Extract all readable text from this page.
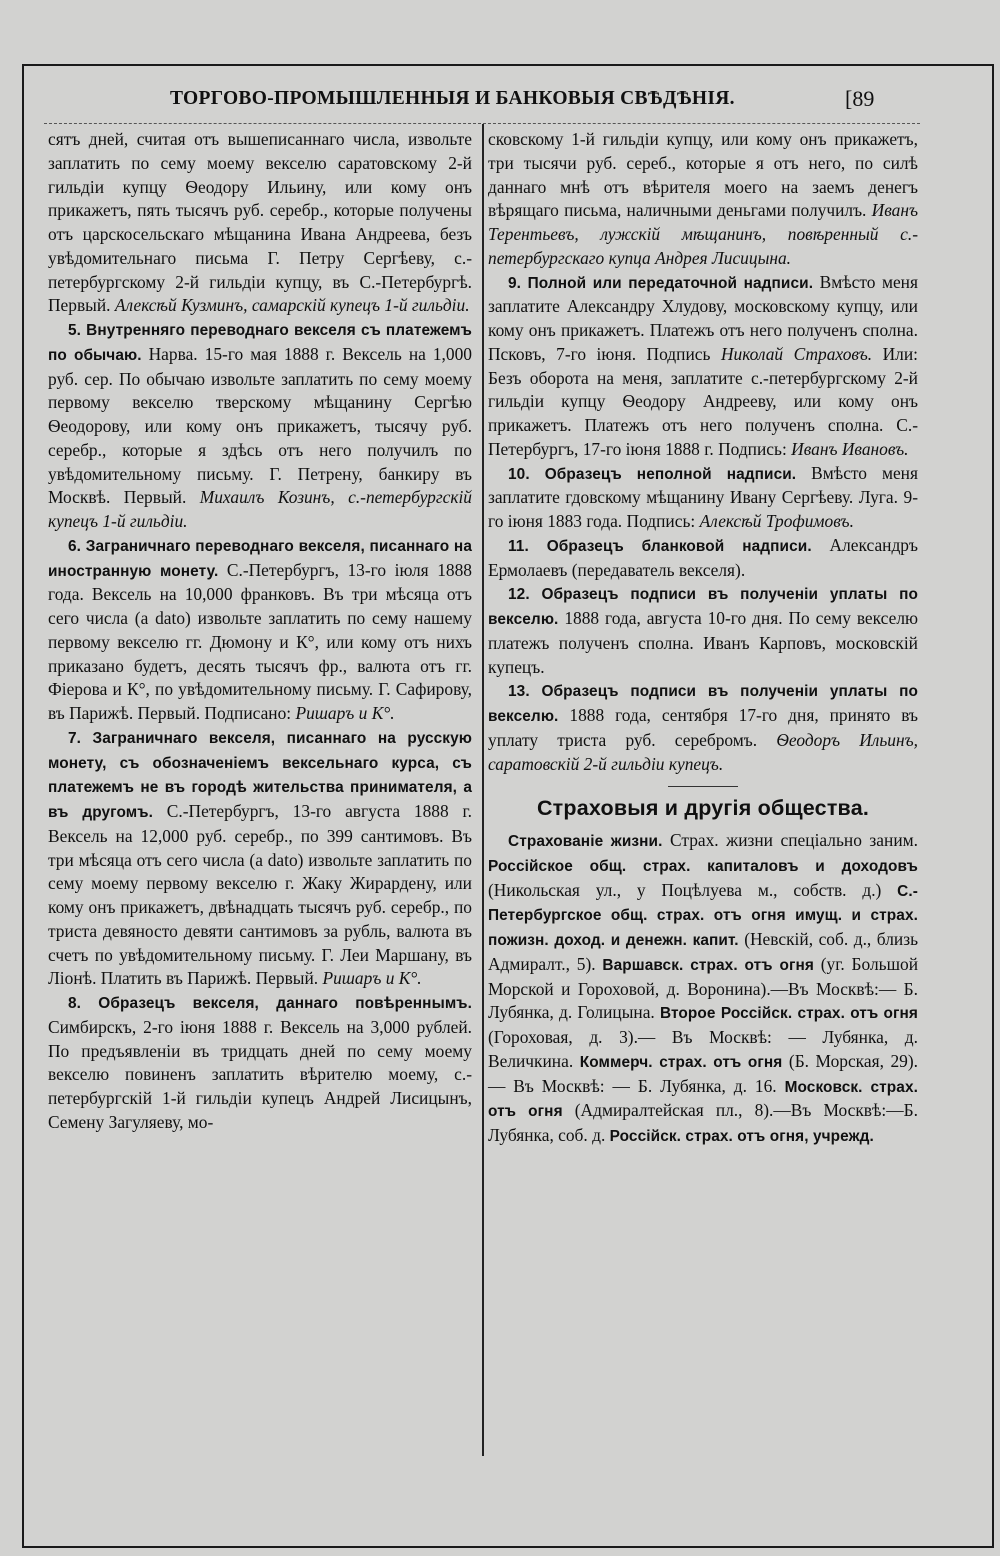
ТОРГОВО-ПРОМЫШЛЕННЫЯ И БАНКОВЫЯ СВѢДѢНІЯ.	[89

сятъ дней, считая отъ вышеписаннаго числа, извольте заплатить по сему моему векселю саратовскому 2-й гильдіи купцу Ѳеодору Ильину, или кому онъ прикажетъ, пять тысячъ руб. серебр., которые получены отъ царскосельскаго мѣщанина Ивана Андреева, безъ увѣдомительнаго письма Г. Петру Сергѣеву, с.-петербургскому 2-й гильдіи купцу, въ С.-Петербургѣ. Первый. Алексѣй Кузминъ, самарскій купецъ 1-й гильдіи.

5. Внутренняго переводнаго векселя съ платежемъ по обычаю. Нарва. 15-го мая 1888 г. Вексель на 1,000 руб. сер. По обычаю извольте заплатить по сему моему первому векселю тверскому мѣщанину Сергѣю Ѳеодорову, или кому онъ прикажетъ, тысячу руб. серебр., которые я здѣсь отъ него получилъ по увѣдомительному письму. Г. Петрену, банкиру въ Москвѣ. Первый. Михаилъ Козинъ, с.-петербургскій купецъ 1-й гильдіи.

6. Заграничнаго переводнаго векселя, писаннаго на иностранную монету. С.-Петербургъ, 13-го іюля 1888 года. Вексель на 10,000 франковъ. Въ три мѣсяца отъ сего числа (a dato) извольте заплатить по сему нашему первому векселю гг. Дюмону и К°, или кому отъ нихъ приказано будетъ, десять тысячъ фр., валюта отъ гг. Фіерова и К°, по увѣдомительному письму. Г. Сафирову, въ Парижѣ. Первый. Подписано: Ришаръ и К°.

7. Заграничнаго векселя, писаннаго на русскую монету, съ обозначеніемъ вексельнаго курса, съ платежемъ не въ городѣ жительства принимателя, а въ другомъ. С.-Петербургъ, 13-го августа 1888 г. Вексель на 12,000 руб. серебр., по 399 сантимовъ. Въ три мѣсяца отъ сего числа (a dato) извольте заплатить по сему моему первому векселю г. Жаку Жирардену, или кому онъ прикажетъ, двѣнадцать тысячъ руб. серебр., по триста девяносто девяти сантимовъ за рубль, валюта въ счетъ по увѣдомительному письму. Г. Леи Маршану, въ Ліонѣ. Платить въ Парижѣ. Первый. Ришаръ и К°.

8. Образецъ векселя, даннаго повѣреннымъ. Симбирскъ, 2-го іюня 1888 г. Вексель на 3,000 рублей. По предъявленіи въ тридцать дней по сему моему векселю повиненъ заплатить вѣрителю моему, с.-петербургскій 1-й гильдіи купецъ Андрей Лисицынъ, Семену Загуляеву, мо-

сковскому 1-й гильдіи купцу, или кому онъ прикажетъ, три тысячи руб. сереб., которые я отъ него, по силѣ даннаго мнѣ отъ вѣрителя моего на заемъ денегъ вѣрящаго письма, наличными деньгами получилъ. Иванъ Терентьевъ, лужскій мѣщанинъ, повѣренный с.-петербургскаго купца Андрея Лисицына.

9. Полной или передаточной надписи. Вмѣсто меня заплатите Александру Хлудову, московскому купцу, или кому онъ прикажетъ. Платежъ отъ него полученъ сполна. Псковъ, 7-го іюня. Подпись Николай Страховъ. Или: Безъ оборота на меня, заплатите с.-петербургскому 2-й гильдіи купцу Ѳеодору Андрееву, или кому онъ прикажетъ. Платежъ отъ него полученъ сполна. С.-Петербургъ, 17-го іюня 1888 г. Подпись: Иванъ Ивановъ.

10. Образецъ неполной надписи. Вмѣсто меня заплатите гдовскому мѣщанину Ивану Сергѣеву. Луга. 9-го іюня 1883 года. Подпись: Алексѣй Трофимовъ.

11. Образецъ бланковой надписи. Александръ Ермолаевъ (передаватель векселя).

12. Образецъ подписи въ полученіи уплаты по векселю. 1888 года, августа 10-го дня. По сему векселю платежъ полученъ сполна. Иванъ Карповъ, московскій купецъ.

13. Образецъ подписи въ полученіи уплаты по векселю. 1888 года, сентября 17-го дня, принято въ уплату триста руб. серебромъ. Ѳеодоръ Ильинъ, саратовскій 2-й гильдіи купецъ.

Страховыя и другія общества.

Страхованіе жизни. Страх. жизни спеціально заним. Россійское общ. страх. капиталовъ и доходовъ (Никольская ул., у Поцѣлуева м., собств. д.) С.-Петербургское общ. страх. отъ огня имущ. и страх. пожизн. доход. и денежн. капит. (Невскій, соб. д., близь Адмиралт., 5). Варшавск. страх. отъ огня (уг. Большой Морской и Гороховой, д. Воронина).—Въ Москвѣ:— Б. Лубянка, д. Голицына. Второе Россійск. страх. отъ огня (Гороховая, д. 3).— Въ Москвѣ: — Лубянка, д. Величкина. Коммерч. страх. отъ огня (Б. Морская, 29). — Въ Москвѣ: — Б. Лубянка, д. 16. Московск. страх. отъ огня (Адмиралтейская пл., 8).—Въ Москвѣ:—Б. Лубянка, соб. д. Россійск. страх. отъ огня, учрежд.
